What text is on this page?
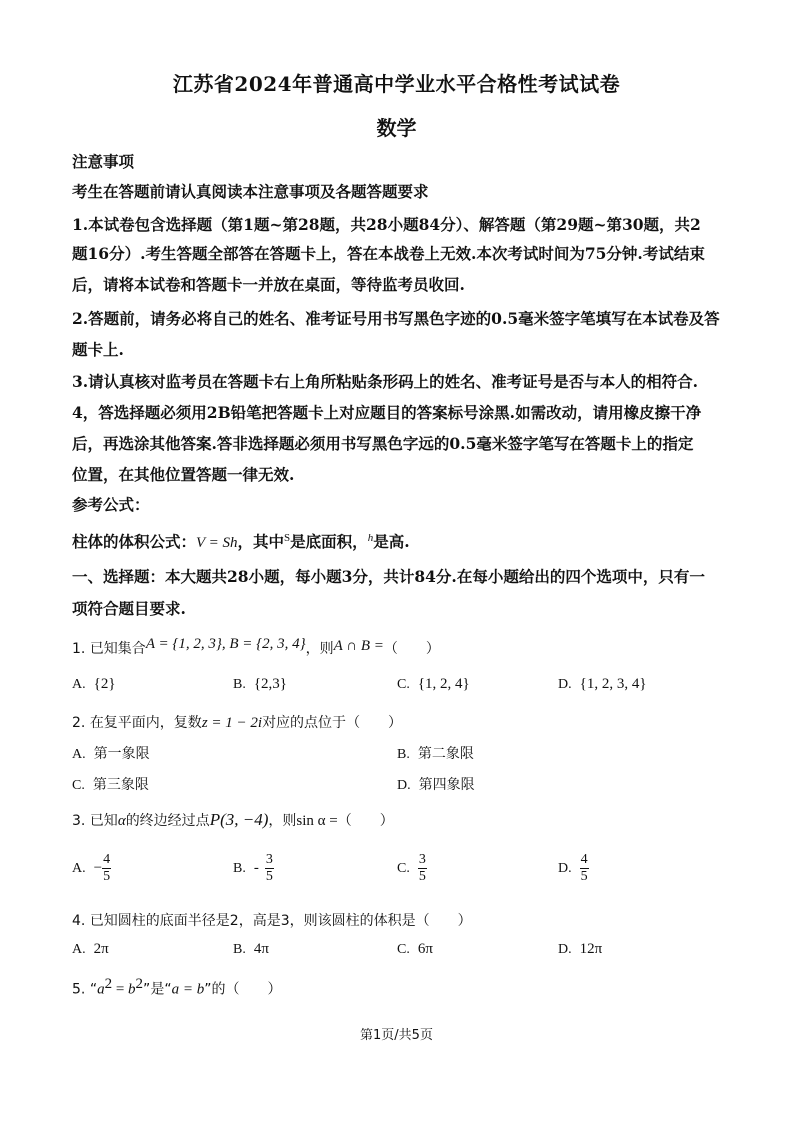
江苏省2024年普通高中学业水平合格性考试试卷
数学
注意事项
考生在答题前请认真阅读本注意事项及各题答题要求
1.本试卷包含选择题（第1题~第28题，共28小题84分）、解答题（第29题~第30题，共2
题16分）.考生答题全部答在答题卡上，答在本战卷上无效.本次考试时间为75分钟.考试结束
后，请将本试卷和答题卡一并放在桌面，等待监考员收回.
2.答题前，请务必将自己的姓名、准考证号用书写黑色字迹的0.5毫米签字笔填写在本试卷及答
题卡上.
3.请认真核对监考员在答题卡右上角所粘贴条形码上的姓名、准考证号是否与本人的相符合.
4，答选择题必须用2B铅笔把答题卡上对应题目的答案标号涂黑.如需改动，请用橡皮擦干净
后，再选涂其他答案.答非选择题必须用书写黑色字远的0.5毫米签字笔写在答题卡上的指定
位置，在其他位置答题一律无效.
参考公式：
柱体的体积公式：V = Sh，其中$^S$是底面积，$^h$是高.
一、选择题：本大题共28小题，每小题3分，共计84分.在每小题给出的四个选项中，只有一
项符合题目要求.
1. 已知集合A = {1, 2, 3}, B = {2, 3, 4}，则A ∩ B =（　　）
A. {2}	B. {2,3}	C. {1, 2, 4}	D. {1, 2, 3, 4}
2. 在复平面内，复数z = 1 − 2i对应的点位于（　　）
A. 第一象限	B. 第二象限
C. 第三象限	D. 第四象限
3. 已知α的终边经过点P(3, −4)，则sin α =（　　）
A. − $\frac{4}{5}$	B. - $\frac{3}{5}$	C. $\frac{3}{5}$	D. $\frac{4}{5}$
4. 已知圆柱的底面半径是2，高是3，则该圆柱的体积是（　　）
A. 2π	B. 4π	C. 6π	D. 12π
5. “$a^2 = b^2$”是“a = b”的（　　）
第1页/共5页
